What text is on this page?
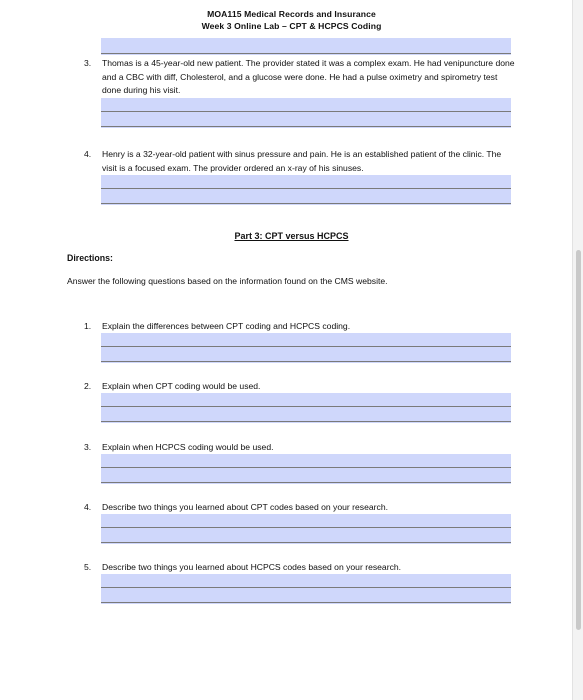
MOA115 Medical Records and Insurance
Week 3 Online Lab – CPT & HCPCS Coding
3. Thomas is a 45-year-old new patient. The provider stated it was a complex exam. He had venipuncture done and a CBC with diff, Cholesterol, and a glucose were done. He had a pulse oximetry and spirometry test done during his visit.
4. Henry is a 32-year-old patient with sinus pressure and pain. He is an established patient of the clinic. The visit is a focused exam. The provider ordered an x-ray of his sinuses.
Part 3: CPT versus HCPCS
Directions:
Answer the following questions based on the information found on the CMS website.
1. Explain the differences between CPT coding and HCPCS coding.
2. Explain when CPT coding would be used.
3. Explain when HCPCS coding would be used.
4. Describe two things you learned about CPT codes based on your research.
5. Describe two things you learned about HCPCS codes based on your research.
